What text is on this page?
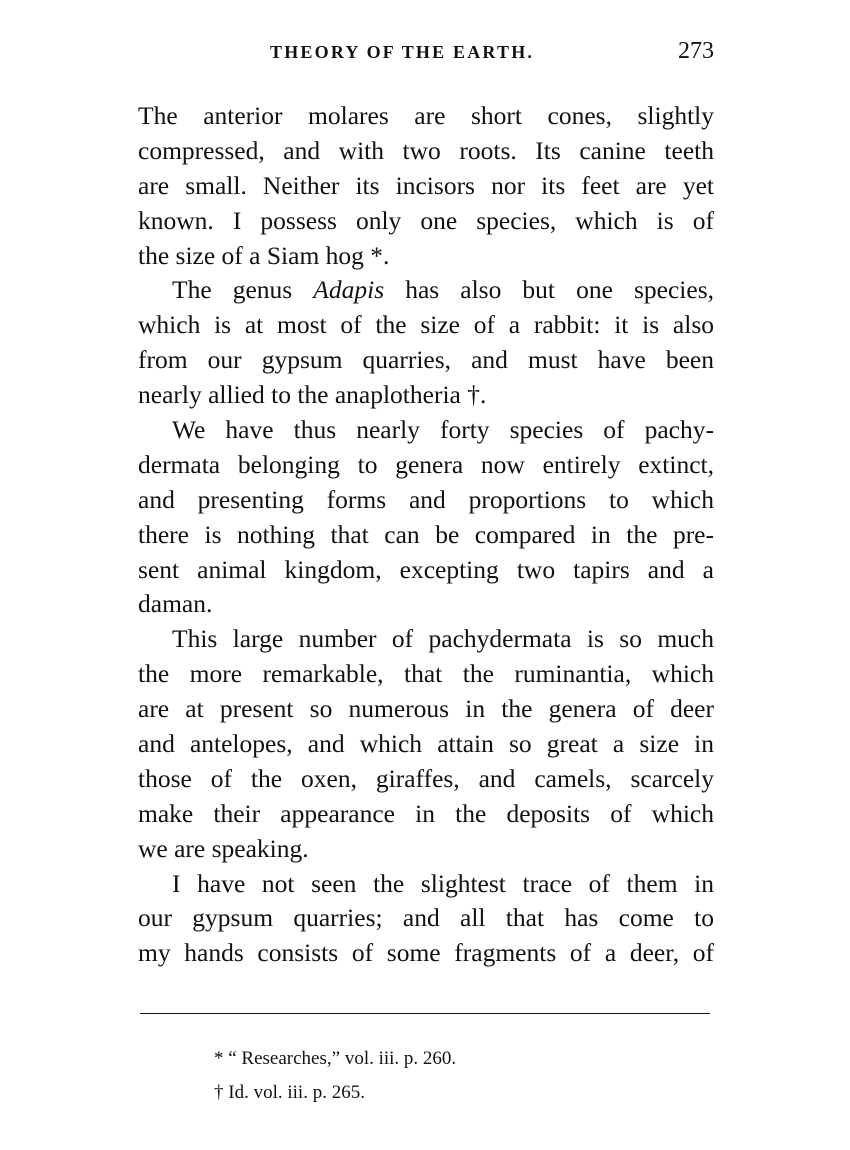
THEORY OF THE EARTH.	273
The anterior molares are short cones, slightly
compressed, and with two roots. Its canine teeth
are small. Neither its incisors nor its feet are yet
known. I possess only one species, which is of
the size of a Siam hog *.
The genus Adapis has also but one species,
which is at most of the size of a rabbit: it is also
from our gypsum quarries, and must have been
nearly allied to the anaplotheria †.
We have thus nearly forty species of pachy-
dermata belonging to genera now entirely extinct,
and presenting forms and proportions to which
there is nothing that can be compared in the pre-
sent animal kingdom, excepting two tapirs and a
daman.
This large number of pachydermata is so much
the more remarkable, that the ruminantia, which
are at present so numerous in the genera of deer
and antelopes, and which attain so great a size in
those of the oxen, giraffes, and camels, scarcely
make their appearance in the deposits of which
we are speaking.
I have not seen the slightest trace of them in
our gypsum quarries; and all that has come to
my hands consists of some fragments of a deer, of
* “ Researches,” vol. iii. p. 260.
† Id. vol. iii. p. 265.
